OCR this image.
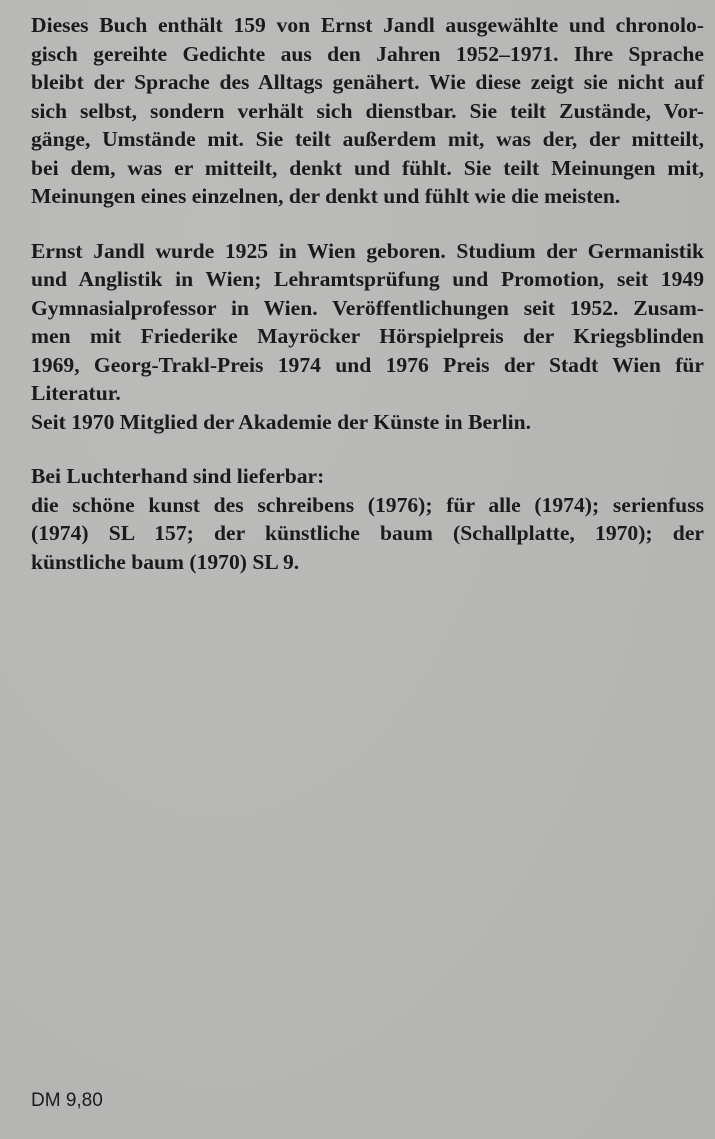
Dieses Buch enthält 159 von Ernst Jandl ausgewählte und chronolo-
gisch gereihte Gedichte aus den Jahren 1952–1971. Ihre Sprache
bleibt der Sprache des Alltags genähert. Wie diese zeigt sie nicht auf
sich selbst, sondern verhält sich dienstbar. Sie teilt Zustände, Vor-
gänge, Umstände mit. Sie teilt außerdem mit, was der, der mitteilt,
bei dem, was er mitteilt, denkt und fühlt. Sie teilt Meinungen mit,
Meinungen eines einzelnen, der denkt und fühlt wie die meisten.
Ernst Jandl wurde 1925 in Wien geboren. Studium der Germanistik
und Anglistik in Wien; Lehramtsprüfung und Promotion, seit 1949
Gymnasialprofessor in Wien. Veröffentlichungen seit 1952. Zusam-
men mit Friederike Mayröcker Hörspielpreis der Kriegsblinden
1969, Georg-Trakl-Preis 1974 und 1976 Preis der Stadt Wien für
Literatur.
Seit 1970 Mitglied der Akademie der Künste in Berlin.
Bei Luchterhand sind lieferbar:
die schöne kunst des schreibens (1976); für alle (1974); serienfuss
(1974) SL 157; der künstliche baum (Schallplatte, 1970); der
künstliche baum (1970) SL 9.
DM 9,80
